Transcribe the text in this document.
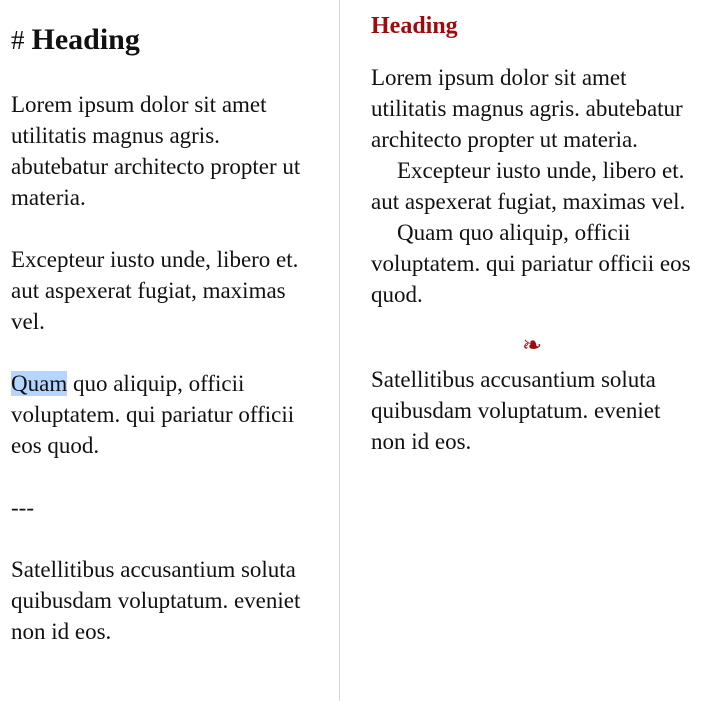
# Heading

Lorem ipsum dolor sit amet utilitatis magnus agris. abutebatur architecto propter ut materia.

Excepteur iusto unde, libero et. aut aspexerat fugiat, maximas vel.

Quam quo aliquip, officii voluptatem. qui pariatur officii eos quod.

---

Satellitibus accusantium soluta quibusdam voluptatum. eveniet non id eos.

Heading

Lorem ipsum dolor sit amet utilitatis magnus agris. abutebatur architecto propter ut materia.

Excepteur iusto unde, libero et. aut aspexerat fugiat, maximas vel.

Quam quo aliquip, officii voluptatem. qui pariatur officii eos quod.

❧

Satellitibus accusantium soluta quibusdam voluptatum. eveniet non id eos.
